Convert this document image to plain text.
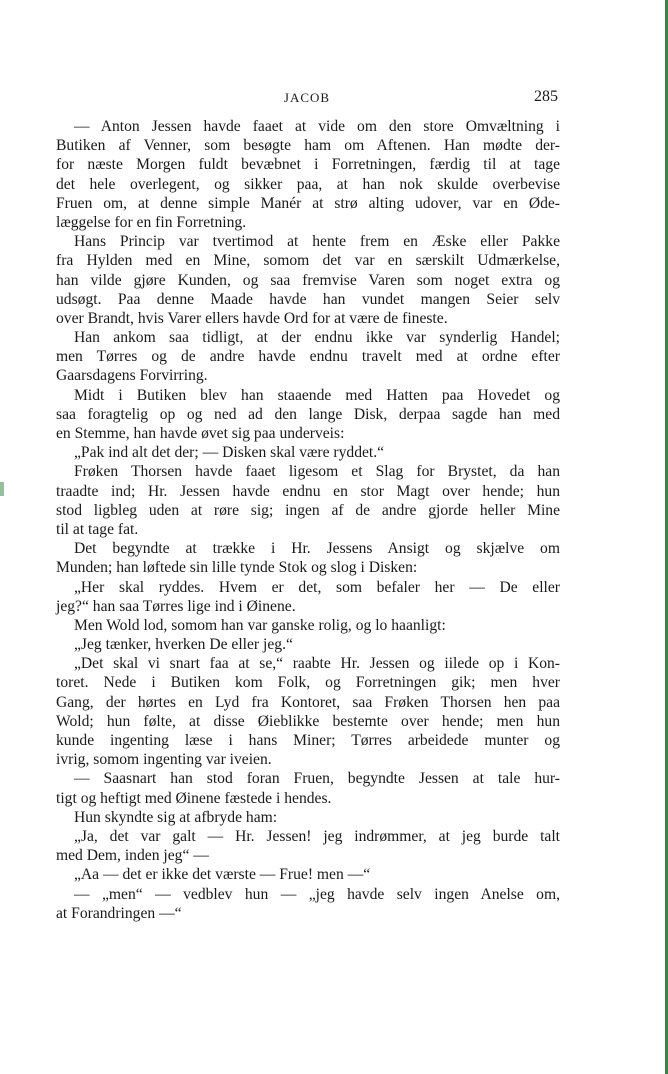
JACOB	285
— Anton Jessen havde faaet at vide om den store Omvæltning i
Butiken af Venner, som besøgte ham om Aftenen. Han mødte der-
for næste Morgen fuldt bevæbnet i Forretningen, færdig til at tage
det hele overlegent, og sikker paa, at han nok skulde overbevise
Fruen om, at denne simple Manér at strø alting udover, var en Øde-
læggelse for en fin Forretning.
Hans Princip var tvertimod at hente frem en Æske eller Pakke
fra Hylden med en Mine, somom det var en særskilt Udmærkelse,
han vilde gjøre Kunden, og saa fremvise Varen som noget extra og
udsøgt. Paa denne Maade havde han vundet mangen Seier selv
over Brandt, hvis Varer ellers havde Ord for at være de fineste.
Han ankom saa tidligt, at der endnu ikke var synderlig Handel;
men Tørres og de andre havde endnu travelt med at ordne efter
Gaarsdagens Forvirring.
Midt i Butiken blev han staaende med Hatten paa Hovedet og
saa foragtelig op og ned ad den lange Disk, derpaa sagde han med
en Stemme, han havde øvet sig paa underveis:
„Pak ind alt det der; — Disken skal være ryddet.“
Frøken Thorsen havde faaet ligesom et Slag for Brystet, da han
traadte ind; Hr. Jessen havde endnu en stor Magt over hende; hun
stod ligbleg uden at røre sig; ingen af de andre gjorde heller Mine
til at tage fat.
Det begyndte at trække i Hr. Jessens Ansigt og skjælve om
Munden; han løftede sin lille tynde Stok og slog i Disken:
„Her skal ryddes. Hvem er det, som befaler her — De eller
jeg?“ han saa Tørres lige ind i Øinene.
Men Wold lod, somom han var ganske rolig, og lo haanligt:
„Jeg tænker, hverken De eller jeg.“
„Det skal vi snart faa at se,“ raabte Hr. Jessen og iilede op i Kon-
toret. Nede i Butiken kom Folk, og Forretningen gik; men hver
Gang, der hørtes en Lyd fra Kontoret, saa Frøken Thorsen hen paa
Wold; hun følte, at disse Øieblikke bestemte over hende; men hun
kunde ingenting læse i hans Miner; Tørres arbeidede munter og
ivrig, somom ingenting var iveien.
— Saasnart han stod foran Fruen, begyndte Jessen at tale hur-
tigt og heftigt med Øinene fæstede i hendes.
Hun skyndte sig at afbryde ham:
„Ja, det var galt — Hr. Jessen! jeg indrømmer, at jeg burde talt
med Dem, inden jeg“ —
„Aa — det er ikke det værste — Frue! men —“
— „men“ — vedblev hun — „jeg havde selv ingen Anelse om,
at Forandringen —“
